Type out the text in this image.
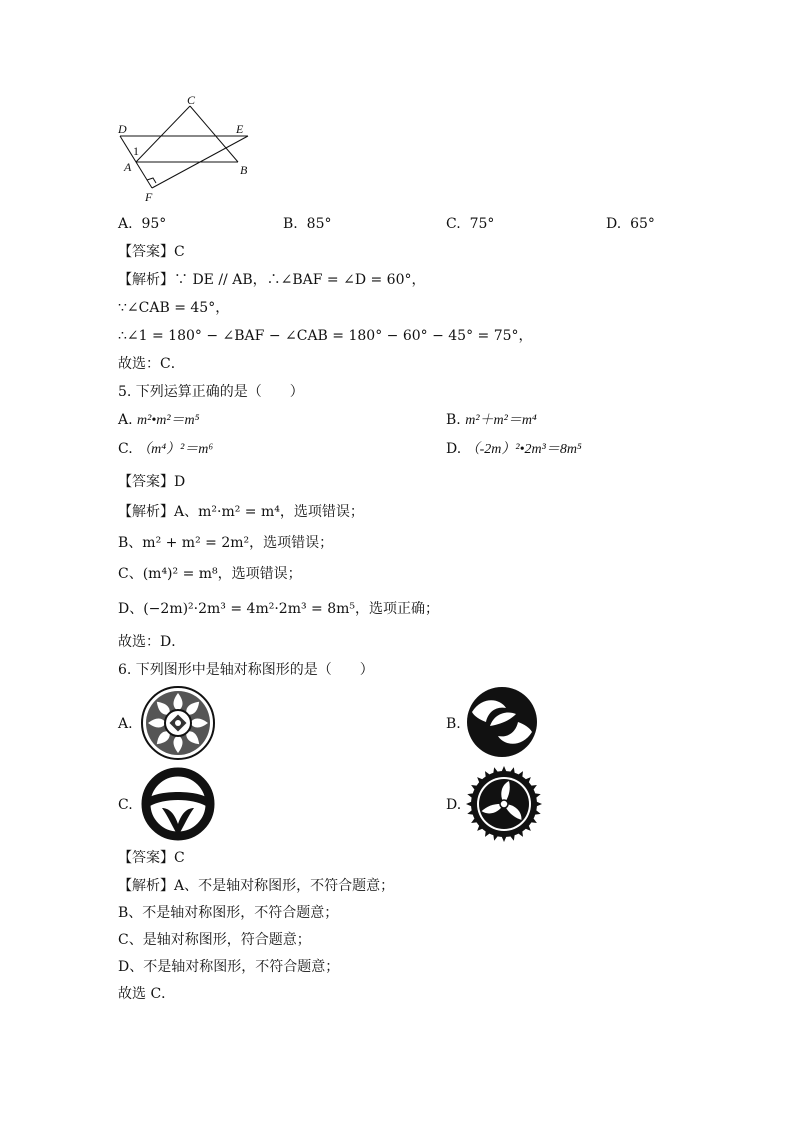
C
D	E
A	B
F
1
A. 95°	B. 85°	C. 75°	D. 65°
【答案】C
【解析】∵ DE // AB，∴∠BAF = ∠D = 60°，
∵∠CAB = 45°，
∴∠1 = 180° − ∠BAF − ∠CAB = 180° − 60° − 45° = 75°，
故选：C．
5. 下列运算正确的是（　　）
A. m²•m²＝m⁵	B. m²＋m²＝m⁴
C. （m⁴）²＝m⁶	D. （-2m）²•2m³＝8m⁵
【答案】D
【解析】A、m²·m² = m⁴，选项错误；
B、m² + m² = 2m²，选项错误；
C、(m⁴)² = m⁸，选项错误；
D、(−2m)²·2m³ = 4m²·2m³ = 8m⁵，选项正确；
故选：D．
6. 下列图形中是轴对称图形的是（　　）
A.	B.
C.	D.
【答案】C
【解析】A、不是轴对称图形，不符合题意；
B、不是轴对称图形，不符合题意；
C、是轴对称图形，符合题意；
D、不是轴对称图形，不符合题意；
故选 C．
